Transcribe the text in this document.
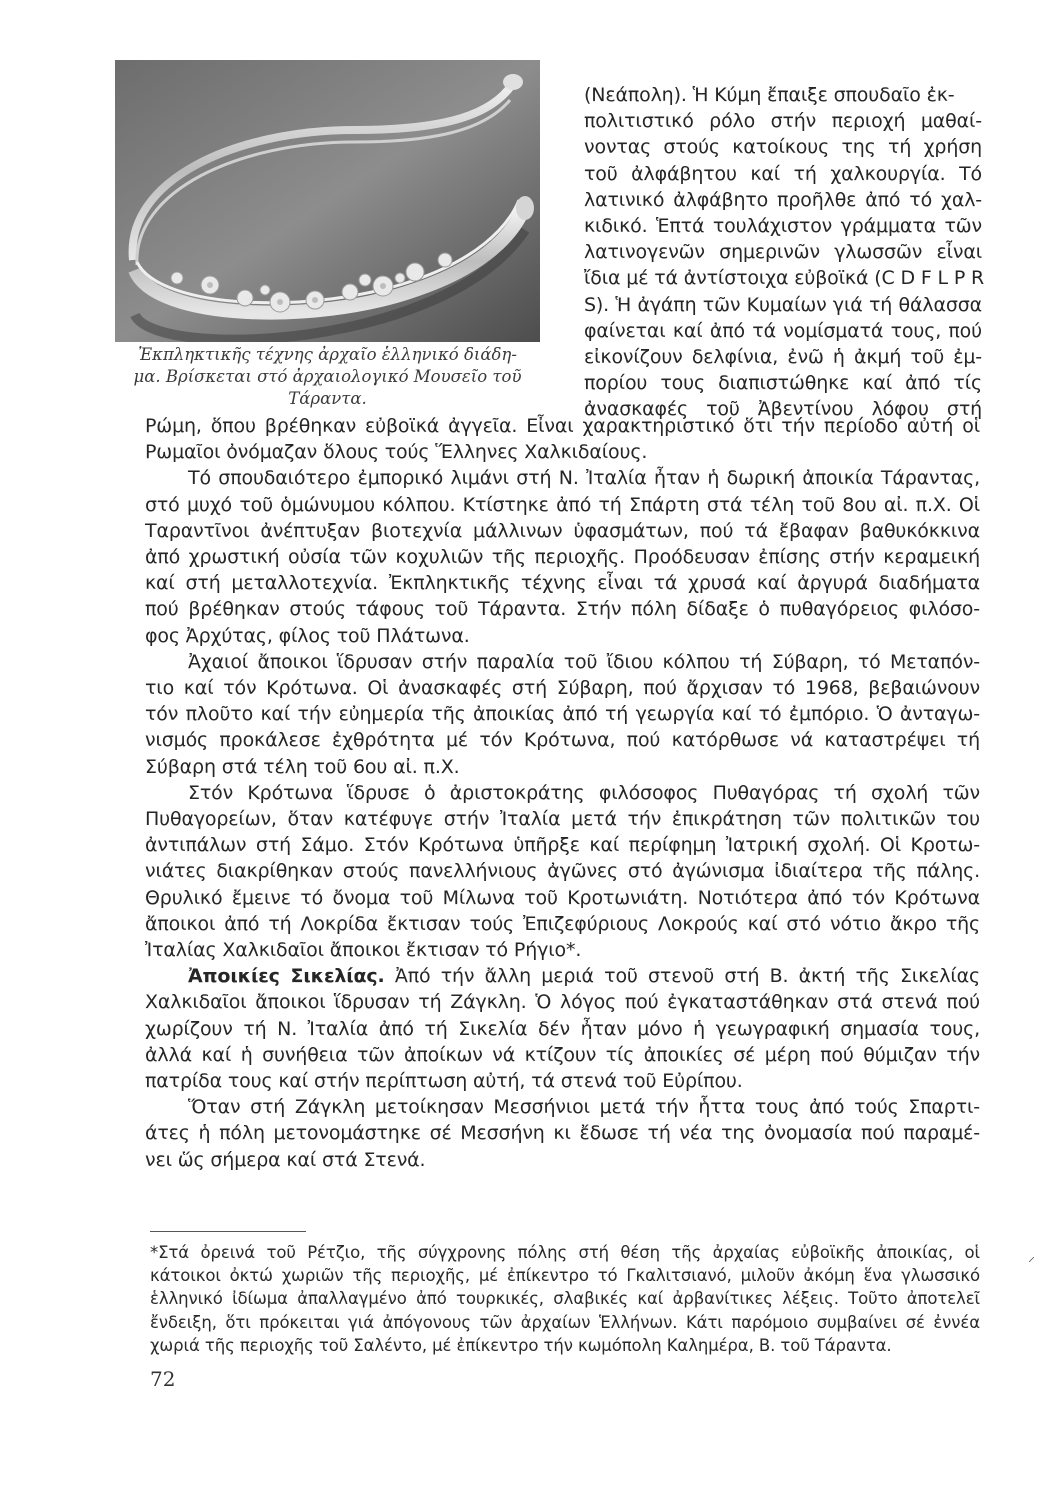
Ἐκπληκτικῆς τέχνης ἀρχαῖο ἑλληνικό διάδη-
μα. Βρίσκεται στό ἀρχαιολογικό Μουσεῖο τοῦ
Τάραντα.
(Νεάπολη). Ἡ Κύμη ἔπαιξε σπουδαῖο ἐκ-
πολιτιστικό ρόλο στήν περιοχή μαθαί-
νοντας στούς κατοίκους της τή χρήση
τοῦ ἀλφάβητου καί τή χαλκουργία. Τό
λατινικό ἀλφάβητο προῆλθε ἀπό τό χαλ-
κιδικό. Ἑπτά τουλάχιστον γράμματα τῶν
λατινογενῶν σημερινῶν γλωσσῶν εἶναι
ἴδια μέ τά ἀντίστοιχα εὐβοϊκά (C D F L P R
S). Ἡ ἀγάπη τῶν Κυμαίων γιά τή θάλασσα
φαίνεται καί ἀπό τά νομίσματά τους, πού
εἰκονίζουν δελφίνια, ἐνῶ ἡ ἀκμή τοῦ ἐμ-
πορίου τους διαπιστώθηκε καί ἀπό τίς
ἀνασκαφές τοῦ Ἀβεντίνου λόφου στή
Ρώμη, ὅπου βρέθηκαν εὐβοϊκά ἀγγεῖα. Εἶναι χαρακτηριστικό ὅτι τήν περίοδο αὐτή οἱ
Ρωμαῖοι ὀνόμαζαν ὅλους τούς Ἕλληνες Χαλκιδαίους.
Τό σπουδαιότερο ἐμπορικό λιμάνι στή Ν. Ἰταλία ἦταν ἡ δωρική ἀποικία Τάραντας,
στό μυχό τοῦ ὁμώνυμου κόλπου. Κτίστηκε ἀπό τή Σπάρτη στά τέλη τοῦ 8ου αἰ. π.Χ. Οἱ
Ταραντῖνοι ἀνέπτυξαν βιοτεχνία μάλλινων ὑφασμάτων, πού τά ἔβαφαν βαθυκόκκινα
ἀπό χρωστική οὐσία τῶν κοχυλιῶν τῆς περιοχῆς. Προόδευσαν ἐπίσης στήν κεραμεική
καί στή μεταλλοτεχνία. Ἐκπληκτικῆς τέχνης εἶναι τά χρυσά καί ἀργυρά διαδήματα
πού βρέθηκαν στούς τάφους τοῦ Τάραντα. Στήν πόλη δίδαξε ὁ πυθαγόρειος φιλόσο-
φος Ἀρχύτας, φίλος τοῦ Πλάτωνα.
Ἀχαιοί ἄποικοι ἵδρυσαν στήν παραλία τοῦ ἴδιου κόλπου τή Σύβαρη, τό Μεταπόν-
τιο καί τόν Κρότωνα. Οἱ ἀνασκαφές στή Σύβαρη, πού ἄρχισαν τό 1968, βεβαιώνουν
τόν πλοῦτο καί τήν εὐημερία τῆς ἀποικίας ἀπό τή γεωργία καί τό ἐμπόριο. Ὁ ἀνταγω-
νισμός προκάλεσε ἐχθρότητα μέ τόν Κρότωνα, πού κατόρθωσε νά καταστρέψει τή
Σύβαρη στά τέλη τοῦ 6ου αἰ. π.Χ.
Στόν Κρότωνα ἵδρυσε ὁ ἀριστοκράτης φιλόσοφος Πυθαγόρας τή σχολή τῶν
Πυθαγορείων, ὅταν κατέφυγε στήν Ἰταλία μετά τήν ἐπικράτηση τῶν πολιτικῶν του
ἀντιπάλων στή Σάμο. Στόν Κρότωνα ὑπῆρξε καί περίφημη Ἰατρική σχολή. Οἱ Κροτω-
νιάτες διακρίθηκαν στούς πανελλήνιους ἀγῶνες στό ἀγώνισμα ἰδιαίτερα τῆς πάλης.
Θρυλικό ἔμεινε τό ὄνομα τοῦ Μίλωνα τοῦ Κροτωνιάτη. Νοτιότερα ἀπό τόν Κρότωνα
ἄποικοι ἀπό τή Λοκρίδα ἔκτισαν τούς Ἐπιζεφύριους Λοκρούς καί στό νότιο ἄκρο τῆς
Ἰταλίας Χαλκιδαῖοι ἄποικοι ἔκτισαν τό Ρήγιο*.
Ἀποικίες Σικελίας. Ἀπό τήν ἄλλη μεριά τοῦ στενοῦ στή Β. ἀκτή τῆς Σικελίας
Χαλκιδαῖοι ἄποικοι ἵδρυσαν τή Ζάγκλη. Ὁ λόγος πού ἐγκαταστάθηκαν στά στενά πού
χωρίζουν τή Ν. Ἰταλία ἀπό τή Σικελία δέν ἦταν μόνο ἡ γεωγραφική σημασία τους,
ἀλλά καί ἡ συνήθεια τῶν ἀποίκων νά κτίζουν τίς ἀποικίες σέ μέρη πού θύμιζαν τήν
πατρίδα τους καί στήν περίπτωση αὐτή, τά στενά τοῦ Εὐρίπου.
Ὅταν στή Ζάγκλη μετοίκησαν Μεσσήνιοι μετά τήν ἧττα τους ἀπό τούς Σπαρτι-
άτες ἡ πόλη μετονομάστηκε σέ Μεσσήνη κι ἔδωσε τή νέα της ὀνομασία πού παραμέ-
νει ὥς σήμερα καί στά Στενά.
*Στά ὀρεινά τοῦ Ρέτζιο, τῆς σύγχρονης πόλης στή θέση τῆς ἀρχαίας εὐβοϊκῆς ἀποικίας, οἱ
κάτοικοι ὀκτώ χωριῶν τῆς περιοχῆς, μέ ἐπίκεντρο τό Γκαλιτσιανό, μιλοῦν ἀκόμη ἕνα γλωσσικό
ἑλληνικό ἰδίωμα ἀπαλλαγμένο ἀπό τουρκικές, σλαβικές καί ἀρβανίτικες λέξεις. Τοῦτο ἀποτελεῖ
ἔνδειξη, ὅτι πρόκειται γιά ἀπόγονους τῶν ἀρχαίων Ἑλλήνων. Κάτι παρόμοιο συμβαίνει σέ ἐννέα
χωριά τῆς περιοχῆς τοῦ Σαλέντο, μέ ἐπίκεντρο τήν κωμόπολη Καλημέρα, Β. τοῦ Τάραντα.
⸝
72
